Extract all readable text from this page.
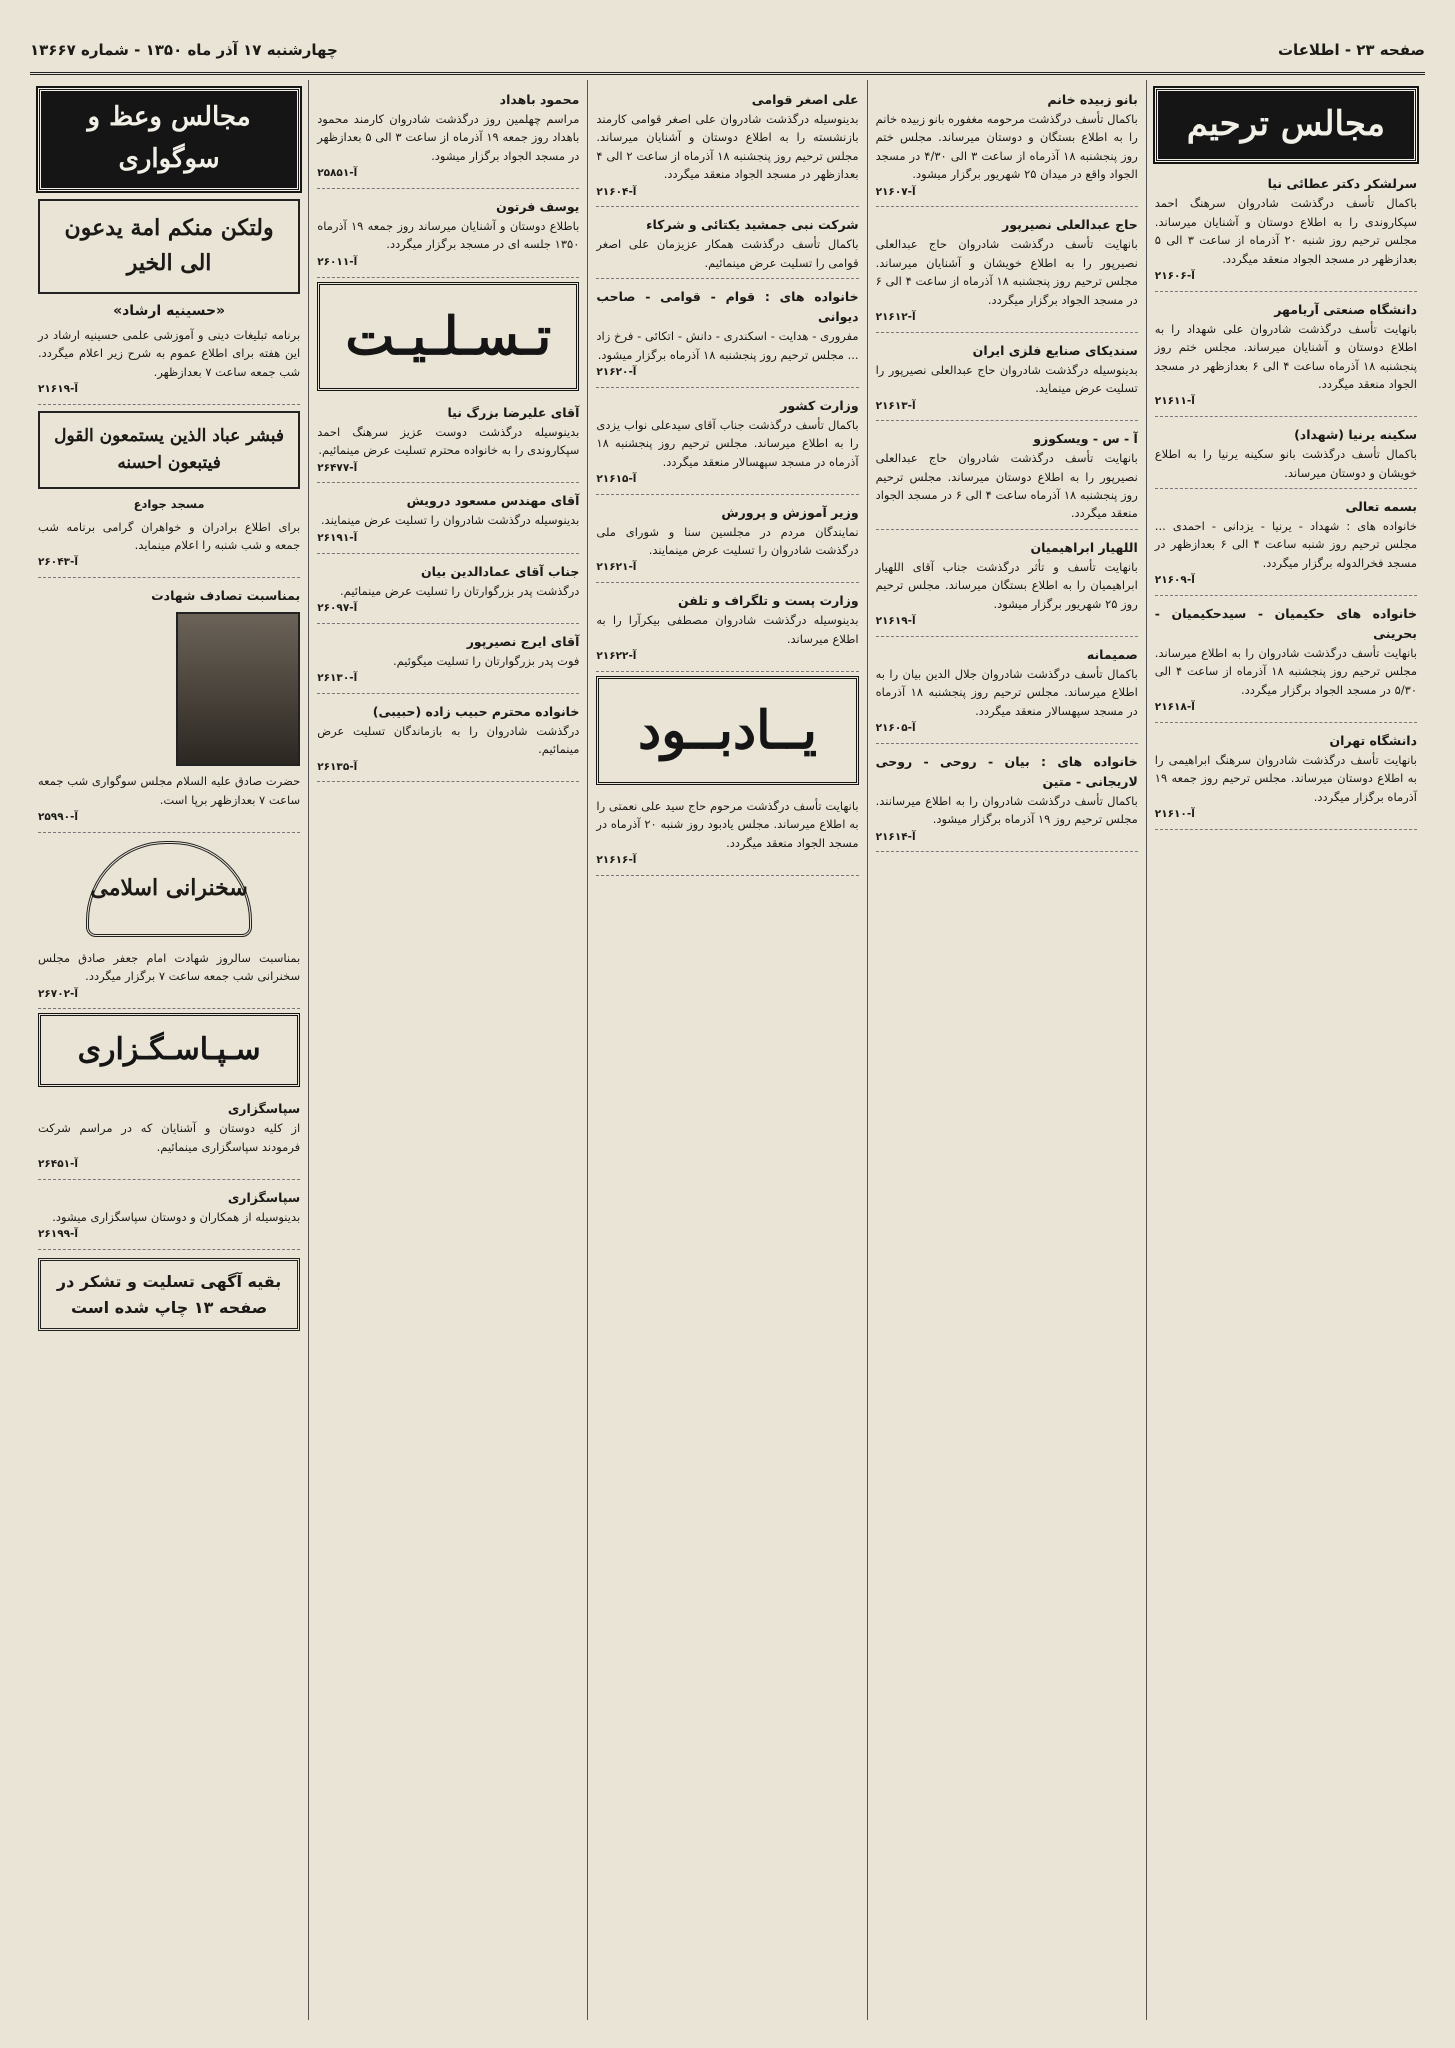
صفحه ۲۳ - اطلاعات
چهارشنبه ۱۷ آذر ماه ۱۳۵۰ - شماره ۱۳۶۶۷
مجالس ترحیم
سرلشکر دکتر عطائی نیا
باکمال تأسف درگذشت شادروان سرهنگ احمد سپکاروندی را به اطلاع دوستان و آشنایان میرساند. مجلس ترحیم روز شنبه ۲۰ آذرماه از ساعت ۳ الی ۵ بعدازظهر در مسجد الجواد منعقد میگردد.
آ-۲۱۶۰۶
دانشگاه صنعتی آریامهر
بانهایت تأسف درگذشت شادروان علی شهداد را به اطلاع دوستان و آشنایان میرساند. مجلس ختم روز پنجشنبه ۱۸ آذرماه ساعت ۴ الی ۶ بعدازظهر در مسجد الجواد منعقد میگردد.
آ-۲۱۶۱۱
سکینه یرنیا (شهداد)
باکمال تأسف درگذشت بانو سکینه یرنیا را به اطلاع خویشان و دوستان میرساند.
بسمه تعالی
خانواده های : شهداد - یرنیا - یزدانی - احمدی ... مجلس ترحیم روز شنبه ساعت ۴ الی ۶ بعدازظهر در مسجد فخرالدوله برگزار میگردد.
آ-۲۱۶۰۹
خانواده های حکیمیان - سیدحکیمیان - بحرینی
بانهایت تأسف درگذشت شادروان را به اطلاع میرساند. مجلس ترحیم روز پنجشنبه ۱۸ آذرماه از ساعت ۴ الی ۵/۳۰ در مسجد الجواد برگزار میگردد.
آ-۲۱۶۱۸
دانشگاه تهران
بانهایت تأسف درگذشت شادروان سرهنگ ابراهیمی را به اطلاع دوستان میرساند. مجلس ترحیم روز جمعه ۱۹ آذرماه برگزار میگردد.
آ-۲۱۶۱۰
بانو زبیده خانم
باکمال تأسف درگذشت مرحومه مغفوره بانو زبیده خانم را به اطلاع بستگان و دوستان میرساند. مجلس ختم روز پنجشنبه ۱۸ آذرماه از ساعت ۳ الی ۴/۳۰ در مسجد الجواد واقع در میدان ۲۵ شهریور برگزار میشود.
آ-۲۱۶۰۷
حاج عبدالعلی نصیرپور
بانهایت تأسف درگذشت شادروان حاج عبدالعلی نصیرپور را به اطلاع خویشان و آشنایان میرساند. مجلس ترحیم روز پنجشنبه ۱۸ آذرماه از ساعت ۴ الی ۶ در مسجد الجواد برگزار میگردد.
آ-۲۱۶۱۲
سندیکای صنایع فلزی ایران
بدینوسیله درگذشت شادروان حاج عبدالعلی نصیرپور را تسلیت عرض مینماید.
آ-۲۱۶۱۳
آ - س - ویسکوزو
بانهایت تأسف درگذشت شادروان حاج عبدالعلی نصیرپور را به اطلاع دوستان میرساند. مجلس ترحیم روز پنجشنبه ۱۸ آذرماه ساعت ۴ الی ۶ در مسجد الجواد منعقد میگردد.
اللهیار ابراهیمیان
بانهایت تأسف و تأثر درگذشت جناب آقای اللهیار ابراهیمیان را به اطلاع بستگان میرساند. مجلس ترحیم روز ۲۵ شهریور برگزار میشود.
آ-۲۱۶۱۹
صمیمانه
باکمال تأسف درگذشت شادروان جلال الدین بیان را به اطلاع میرساند. مجلس ترحیم روز پنجشنبه ۱۸ آذرماه در مسجد سپهسالار منعقد میگردد.
آ-۲۱۶۰۵
خانواده های : بیان - روحی - روحی لاریجانی - متین
باکمال تأسف درگذشت شادروان را به اطلاع میرسانند. مجلس ترحیم روز ۱۹ آذرماه برگزار میشود.
آ-۲۱۶۱۴
علی اصغر قوامی
بدینوسیله درگذشت شادروان علی اصغر قوامی کارمند بازنشسته را به اطلاع دوستان و آشنایان میرساند. مجلس ترحیم روز پنجشنبه ۱۸ آذرماه از ساعت ۲ الی ۴ بعدازظهر در مسجد الجواد منعقد میگردد.
آ-۲۱۶۰۴
شرکت نبی جمشید یکتائی و شرکاء
باکمال تأسف درگذشت همکار عزیزمان علی اصغر قوامی را تسلیت عرض مینمائیم.
خانواده های : قوام - قوامی - صاحب دیوانی
مفروری - هدایت - اسکندری - دانش - اتکائی - فرخ زاد ... مجلس ترحیم روز پنجشنبه ۱۸ آذرماه برگزار میشود.
آ-۲۱۶۲۰
وزارت کشور
باکمال تأسف درگذشت جناب آقای سیدعلی نواب یزدی را به اطلاع میرساند. مجلس ترحیم روز پنجشنبه ۱۸ آذرماه در مسجد سپهسالار منعقد میگردد.
آ-۲۱۶۱۵
وزیر آموزش و پرورش
نمایندگان مردم در مجلسین سنا و شورای ملی درگذشت شادروان را تسلیت عرض مینمایند.
آ-۲۱۶۲۱
وزارت پست و تلگراف و تلفن
بدینوسیله درگذشت شادروان مصطفی بیکرآرا را به اطلاع میرساند.
آ-۲۱۶۲۲
یــادبــود
بانهایت تأسف درگذشت مرحوم حاج سید علی نعمتی را به اطلاع میرساند. مجلس یادبود روز شنبه ۲۰ آذرماه در مسجد الجواد منعقد میگردد.
آ-۲۱۶۱۶
محمود باهداد
مراسم چهلمین روز درگذشت شادروان کارمند محمود باهداد روز جمعه ۱۹ آذرماه از ساعت ۳ الی ۵ بعدازظهر در مسجد الجواد برگزار میشود.
آ-۲۵۸۵۱
یوسف فرتون
باطلاع دوستان و آشنایان میرساند روز جمعه ۱۹ آذرماه ۱۳۵۰ جلسه ای در مسجد برگزار میگردد.
آ-۲۶۰۱۱
تـسـلـیـت
آقای علیرضا بزرگ نیا
بدینوسیله درگذشت دوست عزیز سرهنگ احمد سپکاروندی را به خانواده محترم تسلیت عرض مینمائیم.
آ-۲۶۴۷۷
آقای مهندس مسعود درویش
بدینوسیله درگذشت شادروان را تسلیت عرض مینمایند.
آ-۲۶۱۹۱
جناب آقای عمادالدین بیان
درگذشت پدر بزرگوارتان را تسلیت عرض مینمائیم.
آ-۲۶۰۹۷
آقای ایرج نصیرپور
فوت پدر بزرگوارتان را تسلیت میگوئیم.
آ-۲۶۱۳۰
خانواده محترم حبیب زاده (حبیبی)
درگذشت شادروان را به بازماندگان تسلیت عرض مینمائیم.
آ-۲۶۱۳۵
مجالس وعظ و سوگواری
ولتکن منکم امة یدعون الی الخیر
«حسینیه ارشاد»
برنامه تبلیغات دینی و آموزشی علمی حسینیه ارشاد در این هفته برای اطلاع عموم به شرح زیر اعلام میگردد. شب جمعه ساعت ۷ بعدازظهر.
آ-۲۱۶۱۹
فبشر عباد الذین یستمعون القول فیتبعون احسنه
مسجد جوادع
برای اطلاع برادران و خواهران گرامی برنامه شب جمعه و شب شنبه را اعلام مینماید.
آ-۲۶۰۴۳
بمناسبت تصادف شهادت
حضرت صادق علیه السلام مجلس سوگواری شب جمعه ساعت ۷ بعدازظهر برپا است.
آ-۲۵۹۹۰
سخنرانی اسلامی
بمناسبت سالروز شهادت امام جعفر صادق مجلس سخنرانی شب جمعه ساعت ۷ برگزار میگردد.
آ-۲۶۷۰۲
سـپـاسـگـزاری
سپاسگزاری
از کلیه دوستان و آشنایان که در مراسم شرکت فرمودند سپاسگزاری مینمائیم.
آ-۲۶۴۵۱
سپاسگزاری
بدینوسیله از همکاران و دوستان سپاسگزاری میشود.
آ-۲۶۱۹۹
بقیه آگهی تسلیت و تشکر در صفحه ۱۳ چاپ شده است
